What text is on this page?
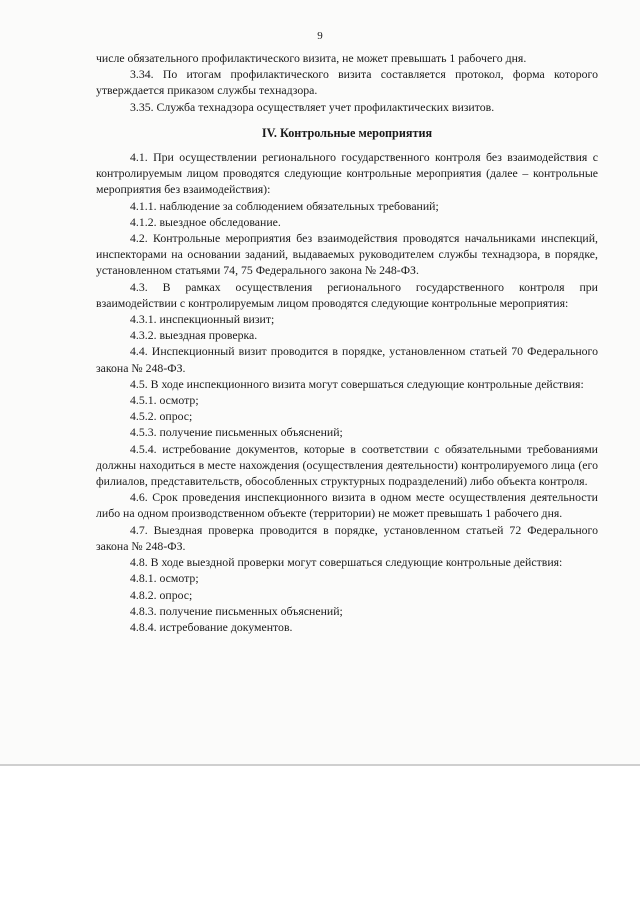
9

числе обязательного профилактического визита, не может превышать 1 рабочего дня.

3.34. По итогам профилактического визита составляется протокол, форма которого утверждается приказом службы технадзора.

3.35. Служба технадзора осуществляет учет профилактических визитов.

IV. Контрольные мероприятия

4.1. При осуществлении регионального государственного контроля без взаимодействия с контролируемым лицом проводятся следующие контрольные мероприятия (далее – контрольные мероприятия без взаимодействия):

4.1.1. наблюдение за соблюдением обязательных требований;

4.1.2. выездное обследование.

4.2. Контрольные мероприятия без взаимодействия проводятся начальниками инспекций, инспекторами на основании заданий, выдаваемых руководителем службы технадзора, в порядке, установленном статьями 74, 75 Федерального закона № 248-ФЗ.

4.3. В рамках осуществления регионального государственного контроля при взаимодействии с контролируемым лицом проводятся следующие контрольные мероприятия:

4.3.1. инспекционный визит;

4.3.2. выездная проверка.

4.4. Инспекционный визит проводится в порядке, установленном статьей 70 Федерального закона № 248-ФЗ.

4.5. В ходе инспекционного визита могут совершаться следующие контрольные действия:

4.5.1. осмотр;

4.5.2. опрос;

4.5.3. получение письменных объяснений;

4.5.4. истребование документов, которые в соответствии с обязательными требованиями должны находиться в месте нахождения (осуществления деятельности) контролируемого лица (его филиалов, представительств, обособленных структурных подразделений) либо объекта контроля.

4.6. Срок проведения инспекционного визита в одном месте осуществления деятельности либо на одном производственном объекте (территории) не может превышать 1 рабочего дня.

4.7. Выездная проверка проводится в порядке, установленном статьей 72 Федерального закона № 248-ФЗ.

4.8. В ходе выездной проверки могут совершаться следующие контрольные действия:

4.8.1. осмотр;

4.8.2. опрос;

4.8.3. получение письменных объяснений;

4.8.4. истребование документов.
